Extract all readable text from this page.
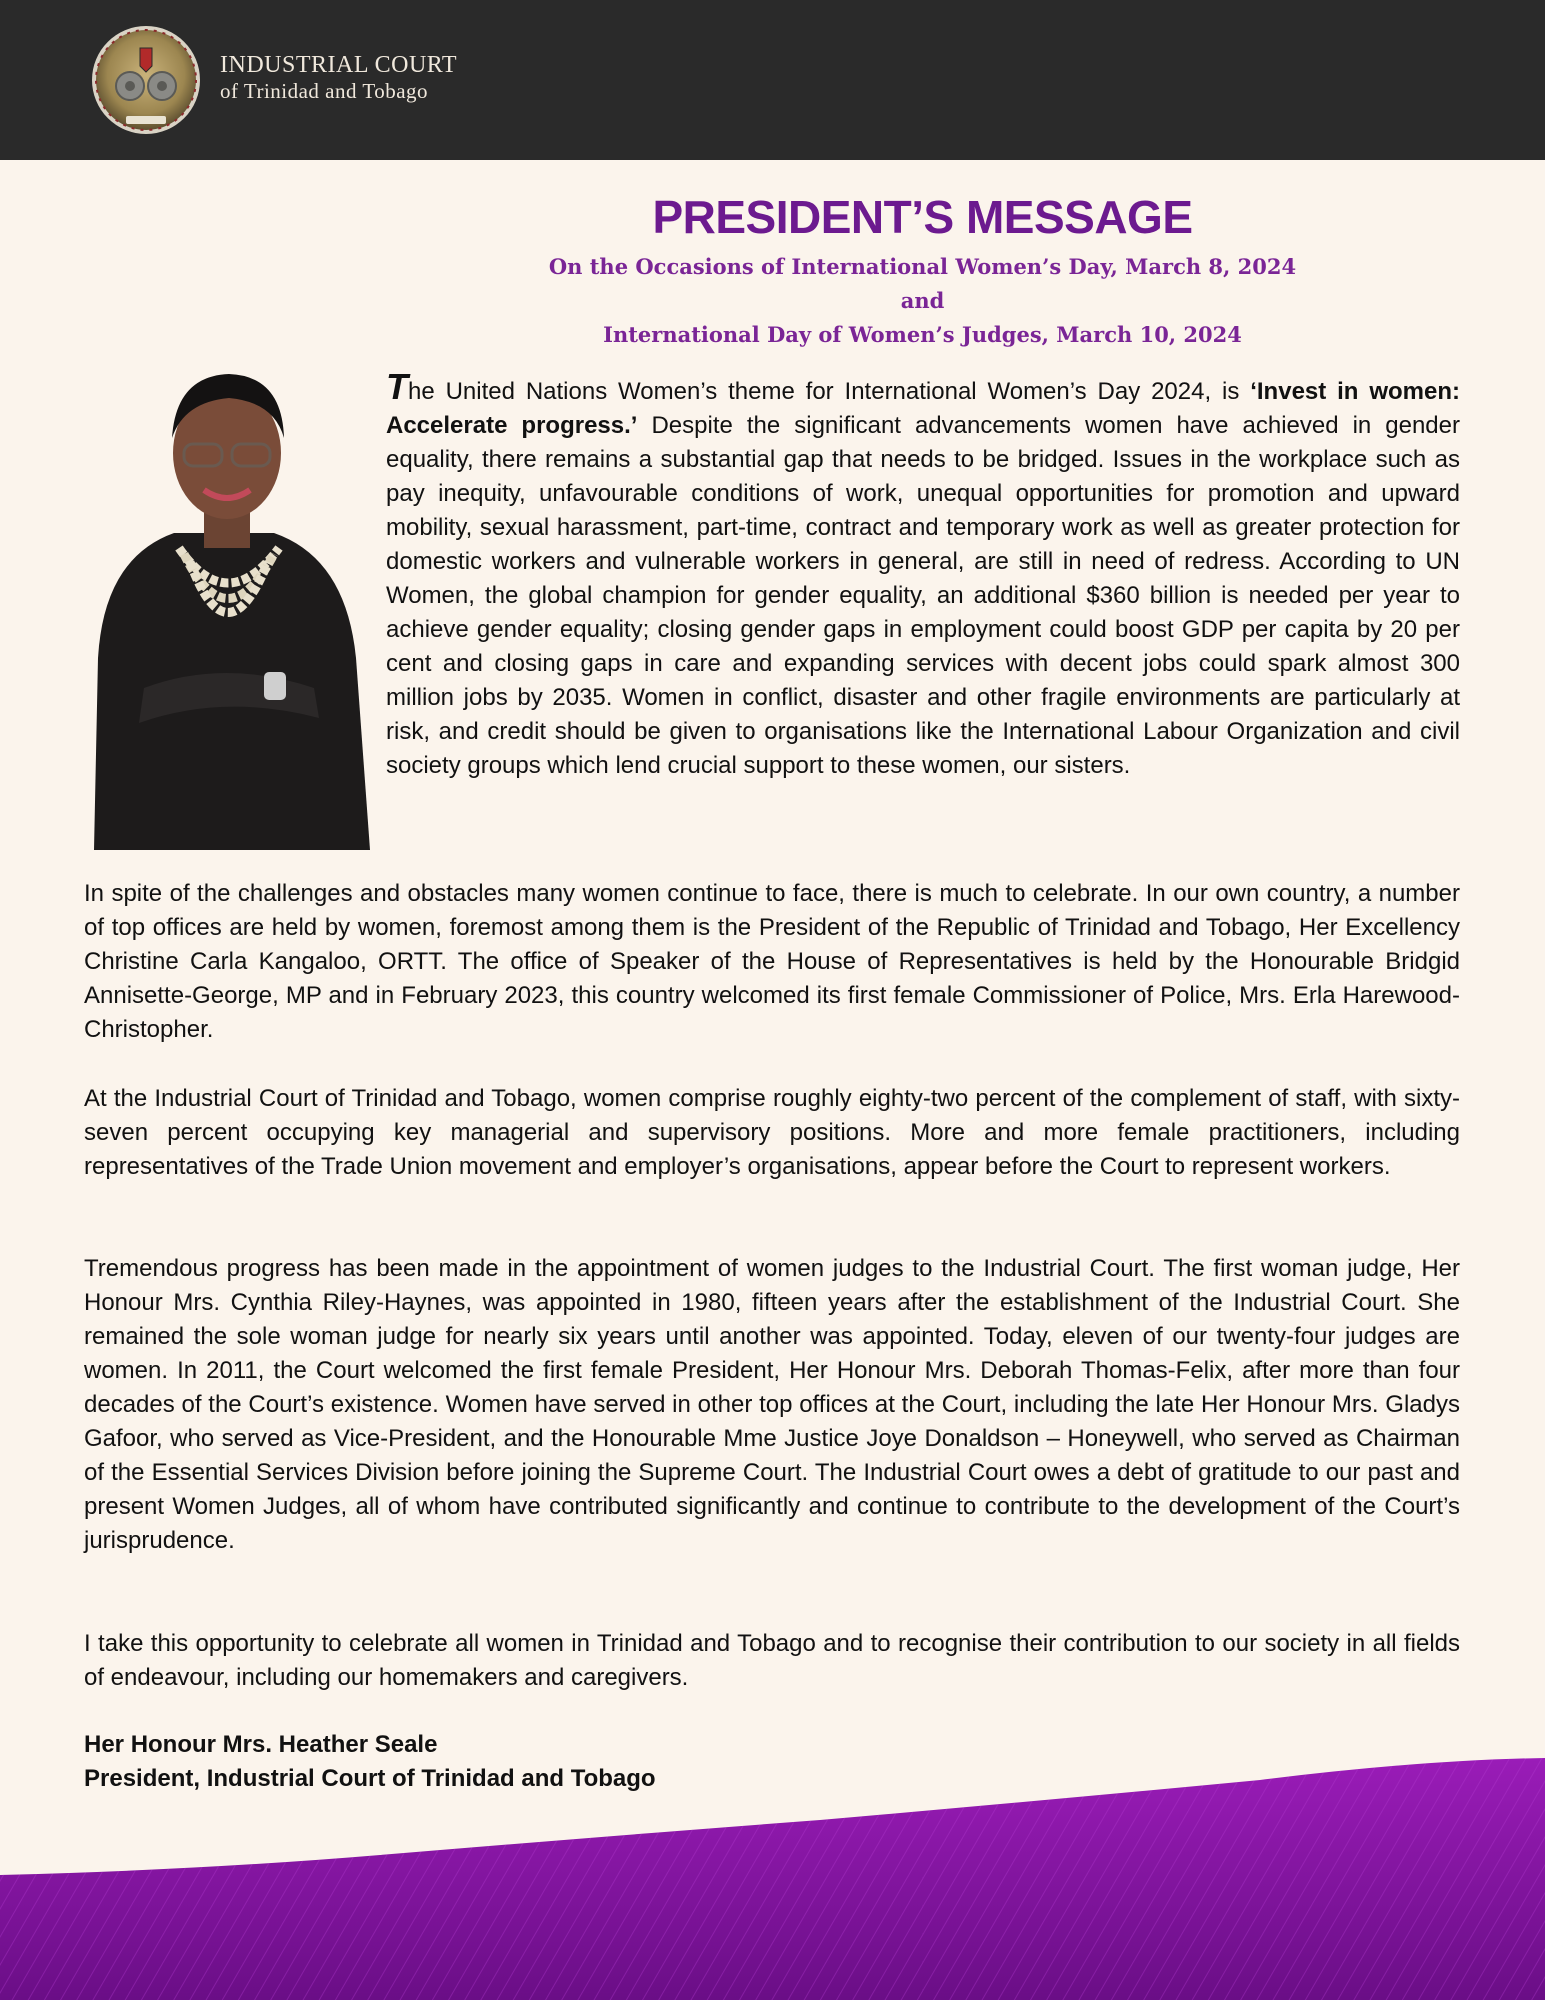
INDUSTRIAL COURT
of Trinidad and Tobago
PRESIDENT’S MESSAGE
On the Occasions of International Women’s Day, March 8, 2024
and
International Day of Women’s Judges, March 10, 2024

The United Nations Women’s theme for International Women’s Day 2024, is ‘Invest in women: Accelerate progress.’ Despite the significant advancements women have achieved in gender equality, there remains a substantial gap that needs to be bridged. Issues in the workplace such as pay inequity, unfavourable conditions of work, unequal opportunities for promotion and upward mobility, sexual harassment, part-time, contract and temporary work as well as greater protection for domestic workers and vulnerable workers in general, are still in need of redress. According to UN Women, the global champion for gender equality, an additional $360 billion is needed per year to achieve gender equality; closing gender gaps in employment could boost GDP per capita by 20 per cent and closing gaps in care and expanding services with decent jobs could spark almost 300 million jobs by 2035. Women in conflict, disaster and other fragile environments are particularly at risk, and credit should be given to organisations like the International Labour Organization and civil society groups which lend crucial support to these women, our sisters.

In spite of the challenges and obstacles many women continue to face, there is much to celebrate. In our own country, a number of top offices are held by women, foremost among them is the President of the Republic of Trinidad and Tobago, Her Excellency Christine Carla Kangaloo, ORTT. The office of Speaker of the House of Representatives is held by the Honourable Bridgid Annisette-George, MP and in February 2023, this country welcomed its first female Commissioner of Police, Mrs. Erla Harewood-Christopher.

At the Industrial Court of Trinidad and Tobago, women comprise roughly eighty-two percent of the complement of staff, with sixty-seven percent occupying key managerial and supervisory positions. More and more female practitioners, including representatives of the Trade Union movement and employer’s organisations, appear before the Court to represent workers.

Tremendous progress has been made in the appointment of women judges to the Industrial Court. The first woman judge, Her Honour Mrs. Cynthia Riley-Haynes, was appointed in 1980, fifteen years after the establishment of the Industrial Court. She remained the sole woman judge for nearly six years until another was appointed. Today, eleven of our twenty-four judges are women. In 2011, the Court welcomed the first female President, Her Honour Mrs. Deborah Thomas-Felix, after more than four decades of the Court’s existence. Women have served in other top offices at the Court, including the late Her Honour Mrs. Gladys Gafoor, who served as Vice-President, and the Honourable Mme Justice Joye Donaldson – Honeywell, who served as Chairman of the Essential Services Division before joining the Supreme Court. The Industrial Court owes a debt of gratitude to our past and present Women Judges, all of whom have contributed significantly and continue to contribute to the development of the Court’s jurisprudence.

I take this opportunity to celebrate all women in Trinidad and Tobago and to recognise their contribution to our society in all fields of endeavour, including our homemakers and caregivers.

Her Honour Mrs. Heather Seale
President, Industrial Court of Trinidad and Tobago
